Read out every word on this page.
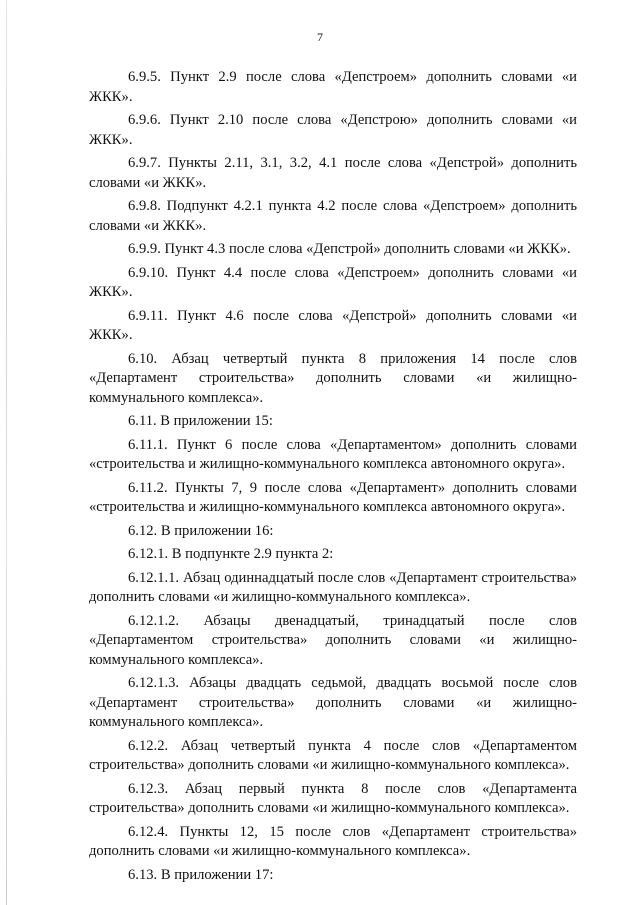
7

6.9.5. Пункт 2.9 после слова «Депстроем» дополнить словами «и ЖКК».

6.9.6. Пункт 2.10 после слова «Депстрою» дополнить словами «и ЖКК».

6.9.7. Пункты 2.11, 3.1, 3.2, 4.1 после слова «Депстрой» дополнить словами «и ЖКК».

6.9.8. Подпункт 4.2.1 пункта 4.2 после слова «Депстроем» дополнить словами «и ЖКК».

6.9.9. Пункт 4.3 после слова «Депстрой» дополнить словами «и ЖКК».

6.9.10. Пункт 4.4 после слова «Депстроем» дополнить словами «и ЖКК».

6.9.11. Пункт 4.6 после слова «Депстрой» дополнить словами «и ЖКК».

6.10. Абзац четвертый пункта 8 приложения 14 после слов «Департамент строительства» дополнить словами «и жилищно-коммунального комплекса».

6.11. В приложении 15:

6.11.1. Пункт 6 после слова «Департаментом» дополнить словами «строительства и жилищно-коммунального комплекса автономного округа».

6.11.2. Пункты 7, 9 после слова «Департамент» дополнить словами «строительства и жилищно-коммунального комплекса автономного округа».

6.12. В приложении 16:

6.12.1. В подпункте 2.9 пункта 2:

6.12.1.1. Абзац одиннадцатый после слов «Департамент строительства» дополнить словами «и жилищно-коммунального комплекса».

6.12.1.2. Абзацы двенадцатый, тринадцатый после слов «Департаментом строительства» дополнить словами «и жилищно-коммунального комплекса».

6.12.1.3. Абзацы двадцать седьмой, двадцать восьмой после слов «Департамент строительства» дополнить словами «и жилищно-коммунального комплекса».

6.12.2. Абзац четвертый пункта 4 после слов «Департаментом строительства» дополнить словами «и жилищно-коммунального комплекса».

6.12.3. Абзац первый пункта 8 после слов «Департамента строительства» дополнить словами «и жилищно-коммунального комплекса».

6.12.4. Пункты 12, 15 после слов «Департамент строительства» дополнить словами «и жилищно-коммунального комплекса».

6.13. В приложении 17:
